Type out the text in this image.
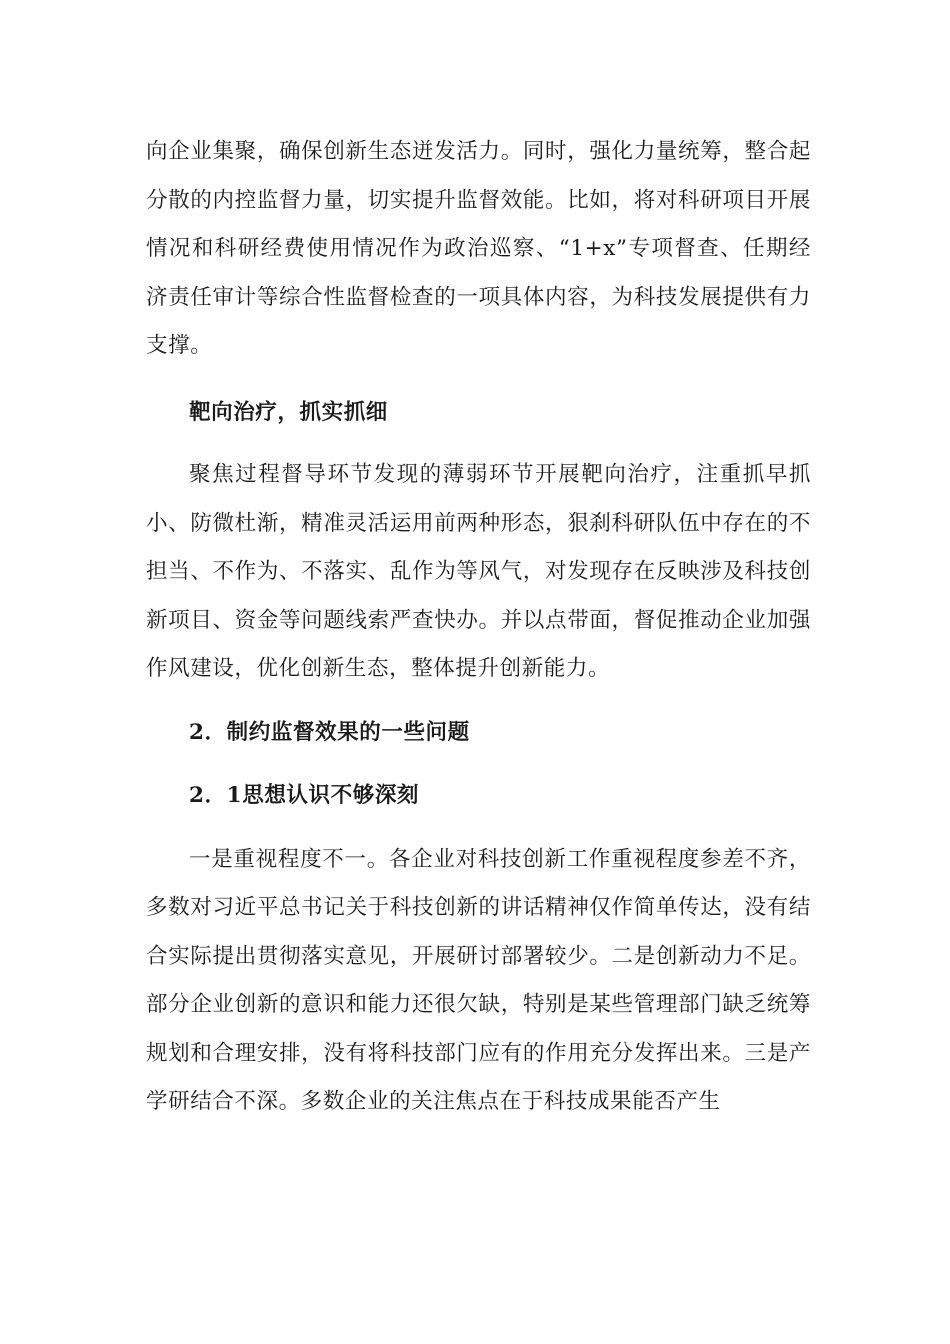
向企业集聚，确保创新生态迸发活力。同时，强化力量统筹，整合起分散的内控监督力量，切实提升监督效能。比如，将对科研项目开展情况和科研经费使用情况作为政治巡察、“1+x”专项督查、任期经济责任审计等综合性监督检查的一项具体内容，为科技发展提供有力支撑。

靶向治疗，抓实抓细

聚焦过程督导环节发现的薄弱环节开展靶向治疗，注重抓早抓小、防微杜渐，精准灵活运用前两种形态，狠刹科研队伍中存在的不担当、不作为、不落实、乱作为等风气，对发现存在反映涉及科技创新项目、资金等问题线索严查快办。并以点带面，督促推动企业加强作风建设，优化创新生态，整体提升创新能力。

2．制约监督效果的一些问题

2．1思想认识不够深刻

一是重视程度不一。各企业对科技创新工作重视程度参差不齐，多数对习近平总书记关于科技创新的讲话精神仅作简单传达，没有结合实际提出贯彻落实意见，开展研讨部署较少。二是创新动力不足。部分企业创新的意识和能力还很欠缺，特别是某些管理部门缺乏统筹规划和合理安排，没有将科技部门应有的作用充分发挥出来。三是产学研结合不深。多数企业的关注焦点在于科技成果能否产生
